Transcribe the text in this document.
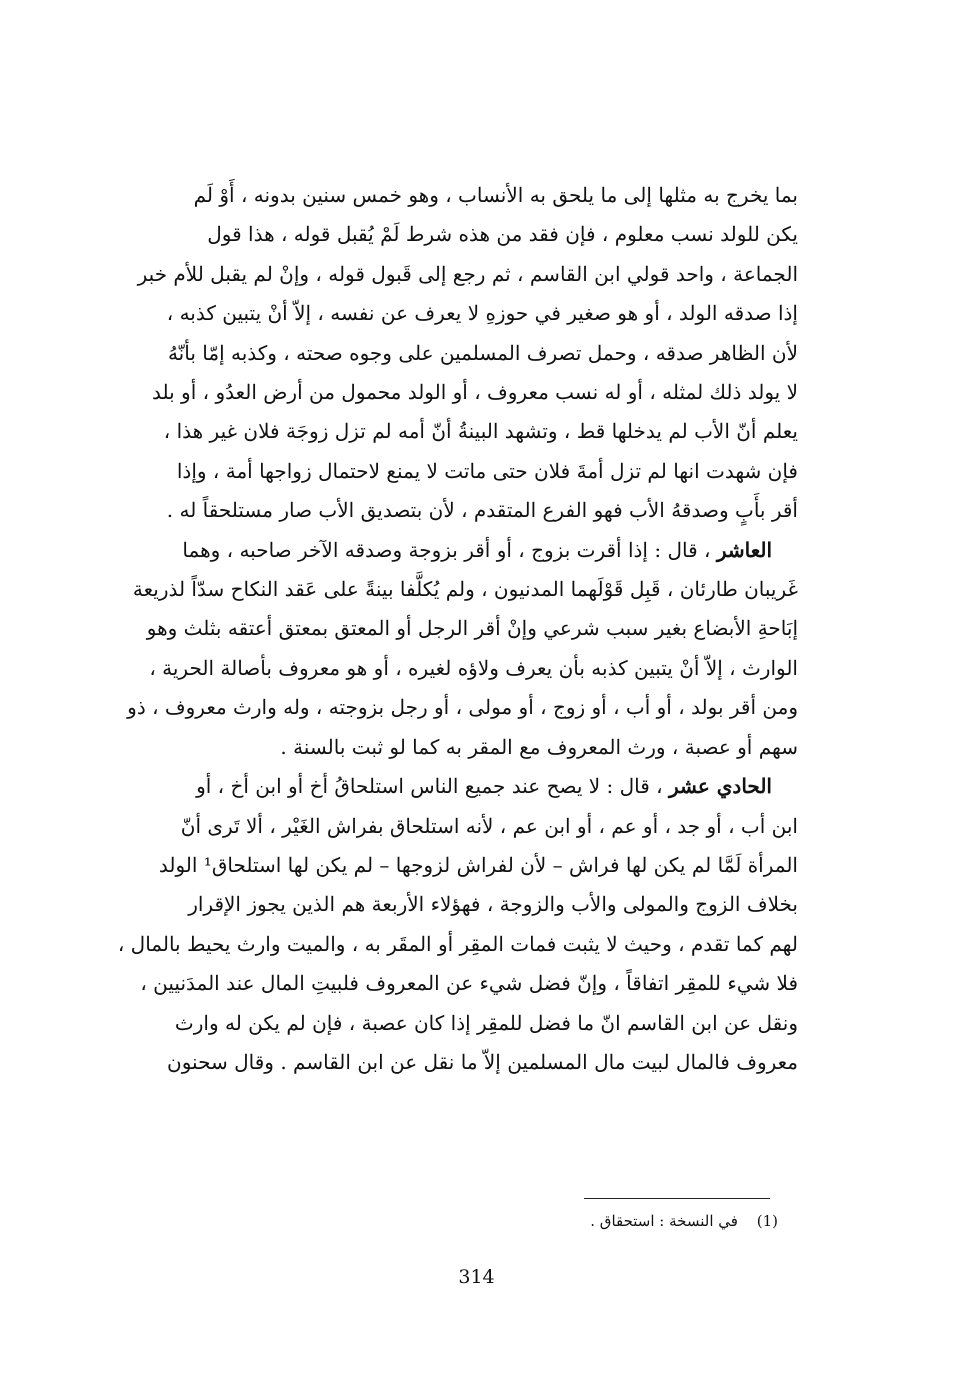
بما يخرج به مثلها إلى ما يلحق به الأنساب ، وهو خمس سنين بدونه ، أَوْ لَم
يكن للولد نسب معلوم ، فإن فقد من هذه شرط لَمْ يُقبل قوله ، هذا قول
الجماعة ، واحد قولي ابن القاسم ، ثم رجع إلى قَبول قوله ، وإنْ لم يقبل للأم خبر
إذا صدقه الولد ، أو هو صغير في حوزهِ لا يعرف عن نفسه ، إلاّ أنْ يتبين كذبه ،
لأن الظاهر صدقه ، وحمل تصرف المسلمين على وجوه صحته ، وكذبه إمّا بأنّهُ
لا يولد ذلك لمثله ، أو له نسب معروف ، أو الولد محمول من أرض العدُو ، أو بلد
يعلم أنّ الأب لم يدخلها قط ، وتشهد البينةُ أنّ أمه لم تزل زوجَة فلان غير هذا ،
فإن شهدت انها لم تزل أمةَ فلان حتى ماتت لا يمنع لاحتمال زواجها أمة ، وإذا
أقر بأَبٍ وصدقهُ الأب فهو الفرع المتقدم ، لأن بتصديق الأب صار مستلحقاً له .
العاشر ، قال : إذا أقرت بزوج ، أو أقر بزوجة وصدقه الآخر صاحبه ، وهما
غَريبان طارئان ، قَبِل قَوْلَهما المدنيون ، ولم يُكلَّفا بينةً على عَقد النكاح سدّاً لذريعة
إبَاحةِ الأبضاع بغير سبب شرعي وإنْ أقر الرجل أو المعتق بمعتق أعتقه بثلث وهو
الوارث ، إلاّ أنْ يتبين كذبه بأن يعرف ولاؤه لغيره ، أو هو معروف بأصالة الحرية ،
ومن أقر بولد ، أو أب ، أو زوج ، أو مولى ، أو رجل بزوجته ، وله وارث معروف ، ذو
سهم أو عصبة ، ورث المعروف مع المقر به كما لو ثبت بالسنة .
الحادي عشر ، قال : لا يصح عند جميع الناس استلحاقُ أخ أو ابن أخ ، أو
ابن أب ، أو جد ، أو عم ، أو ابن عم ، لأنه استلحاق بفراش الغَيْر ، ألا تَرى أنّ
المرأة لَمَّا لم يكن لها فراش – لأن لفراش لزوجها – لم يكن لها استلحاق¹ الولد
بخلاف الزوج والمولى والأب والزوجة ، فهؤلاء الأربعة هم الذين يجوز الإقرار
لهم كما تقدم ، وحيث لا يثبت فمات المقِر أو المقَر به ، والميت وارث يحيط بالمال ،
فلا شيء للمقِر اتفاقاً ، وإنّ فضل شيء عن المعروف فلبيتِ المال عند المدَنيين ،
ونقل عن ابن القاسم انّ ما فضل للمقِر إذا كان عصبة ، فإن لم يكن له وارث
معروف فالمال لبيت مال المسلمين إلاّ ما نقل عن ابن القاسم . وقال سحنون
(1) في النسخة : استحقاق .
314
